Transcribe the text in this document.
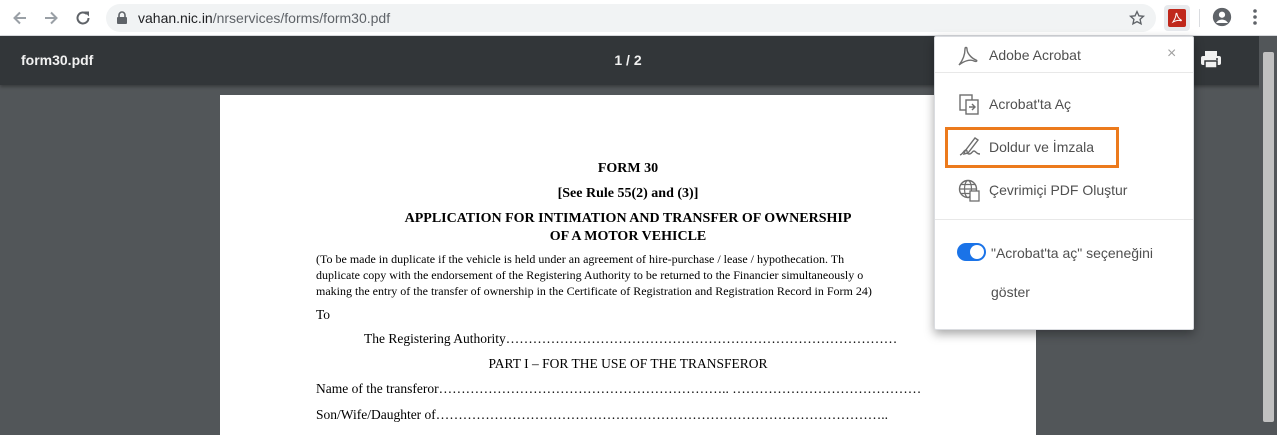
vahan.nic.in/nrservices/forms/form30.pdf
form30.pdf	1 / 2
FORM 30
[See Rule 55(2) and (3)]
APPLICATION FOR INTIMATION AND TRANSFER OF OWNERSHIP
OF A MOTOR VEHICLE
(To be made in duplicate if the vehicle is held under an agreement of hire-purchase / lease / hypothecation. Th
duplicate copy with the endorsement of the Registering Authority to be returned to the Financier simultaneously o
making the entry of the transfer of ownership in the Certificate of Registration and Registration Record in Form 24)
To
The Registering Authority……………………………………………………………………………
PART I – FOR THE USE OF THE TRANSFEROR
Name of the transferor……………………………………………………….. ……………………………………
Son/Wife/Daughter of………………………………………………………………………………………..
Adobe Acrobat	×
Acrobat'ta Aç
Doldur ve İmzala
Çevrimiçi PDF Oluştur
"Acrobat'ta aç" seçeneğini
göster
